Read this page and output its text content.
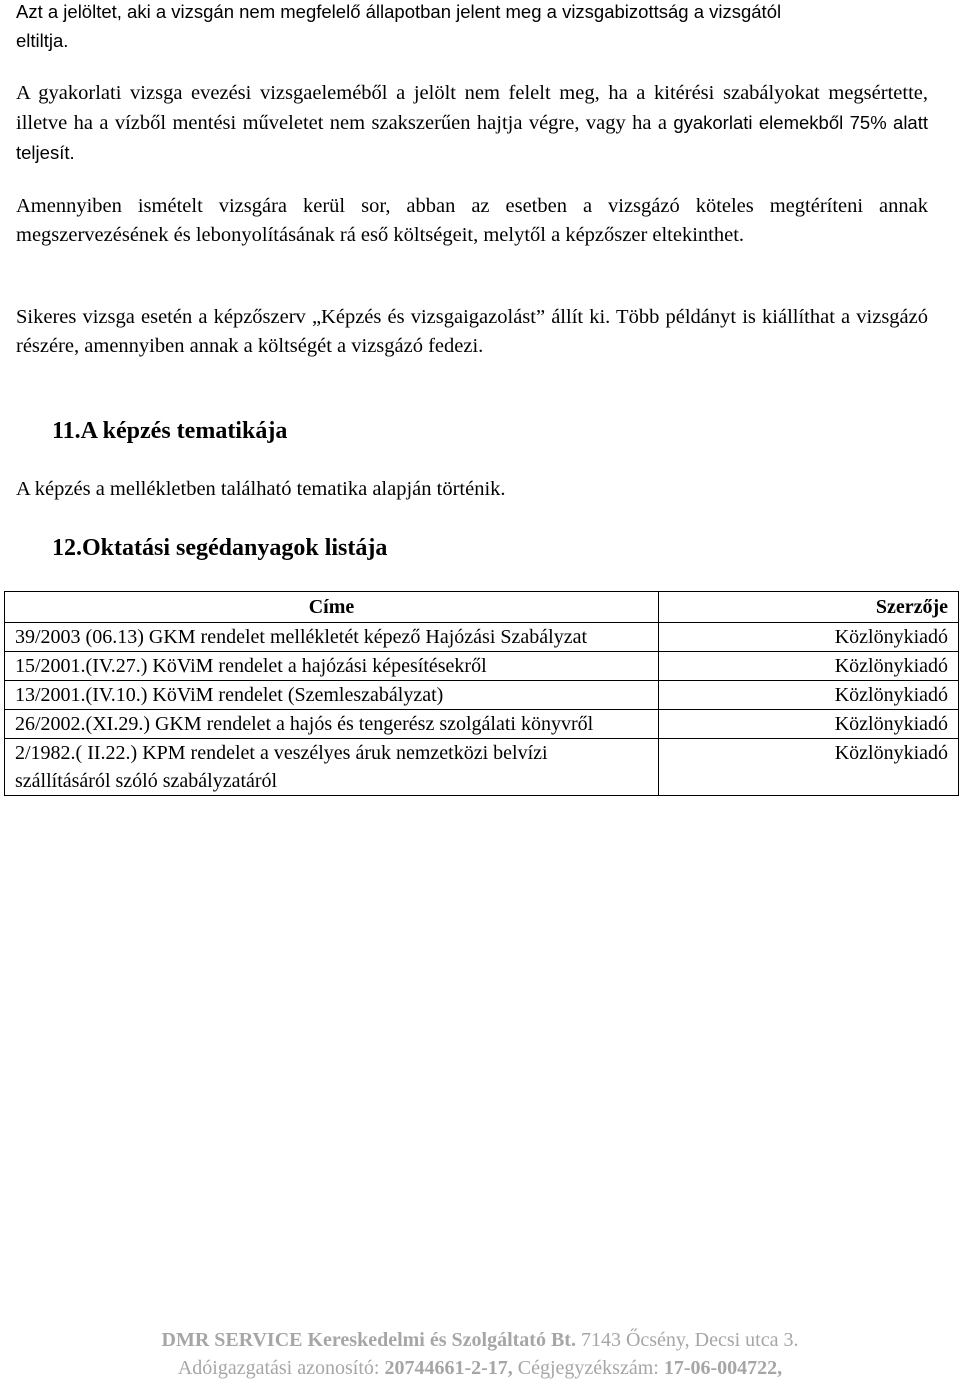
Azt a jelöltet, aki a vizsgán nem megfelelő állapotban jelent meg a vizsgabizottság a vizsgától
eltiltja.

A gyakorlati vizsga evezési vizsgaeleméből a jelölt nem felelt meg, ha a kitérési szabályokat megsértette, illetve ha a vízből mentési műveletet nem szakszerűen hajtja végre, vagy ha a gyakorlati elemekből 75% alatt teljesít.

Amennyiben ismételt vizsgára kerül sor, abban az esetben a vizsgázó köteles megtéríteni annak megszervezésének és lebonyolításának rá eső költségeit, melytől a képzőszer eltekinthet.

Sikeres vizsga esetén a képzőszerv „Képzés és vizsgaigazolást” állít ki. Több példányt is kiállíthat a vizsgázó részére, amennyiben annak a költségét a vizsgázó fedezi.

11.A képzés tematikája

A képzés a mellékletben található tematika alapján történik.

12.Oktatási segédanyagok listája
Címe	Szerzője
39/2003 (06.13) GKM rendelet mellékletét képező Hajózási Szabályzat	Közlönykiadó
15/2001.(IV.27.) KöViM rendelet a hajózási képesítésekről	Közlönykiadó
13/2001.(IV.10.) KöViM rendelet (Szemleszabályzat)	Közlönykiadó
26/2002.(XI.29.) GKM rendelet a hajós és tengerész szolgálati könyvről	Közlönykiadó
2/1982.( II.22.) KPM rendelet a veszélyes áruk nemzetközi belvízi szállításáról szóló szabályzatáról	Közlönykiadó
DMR SERVICE Kereskedelmi és Szolgáltató Bt. 7143 Őcsény, Decsi utca 3.
Adóigazgatási azonosító: 20744661-2-17, Cégjegyzékszám: 17-06-004722,
